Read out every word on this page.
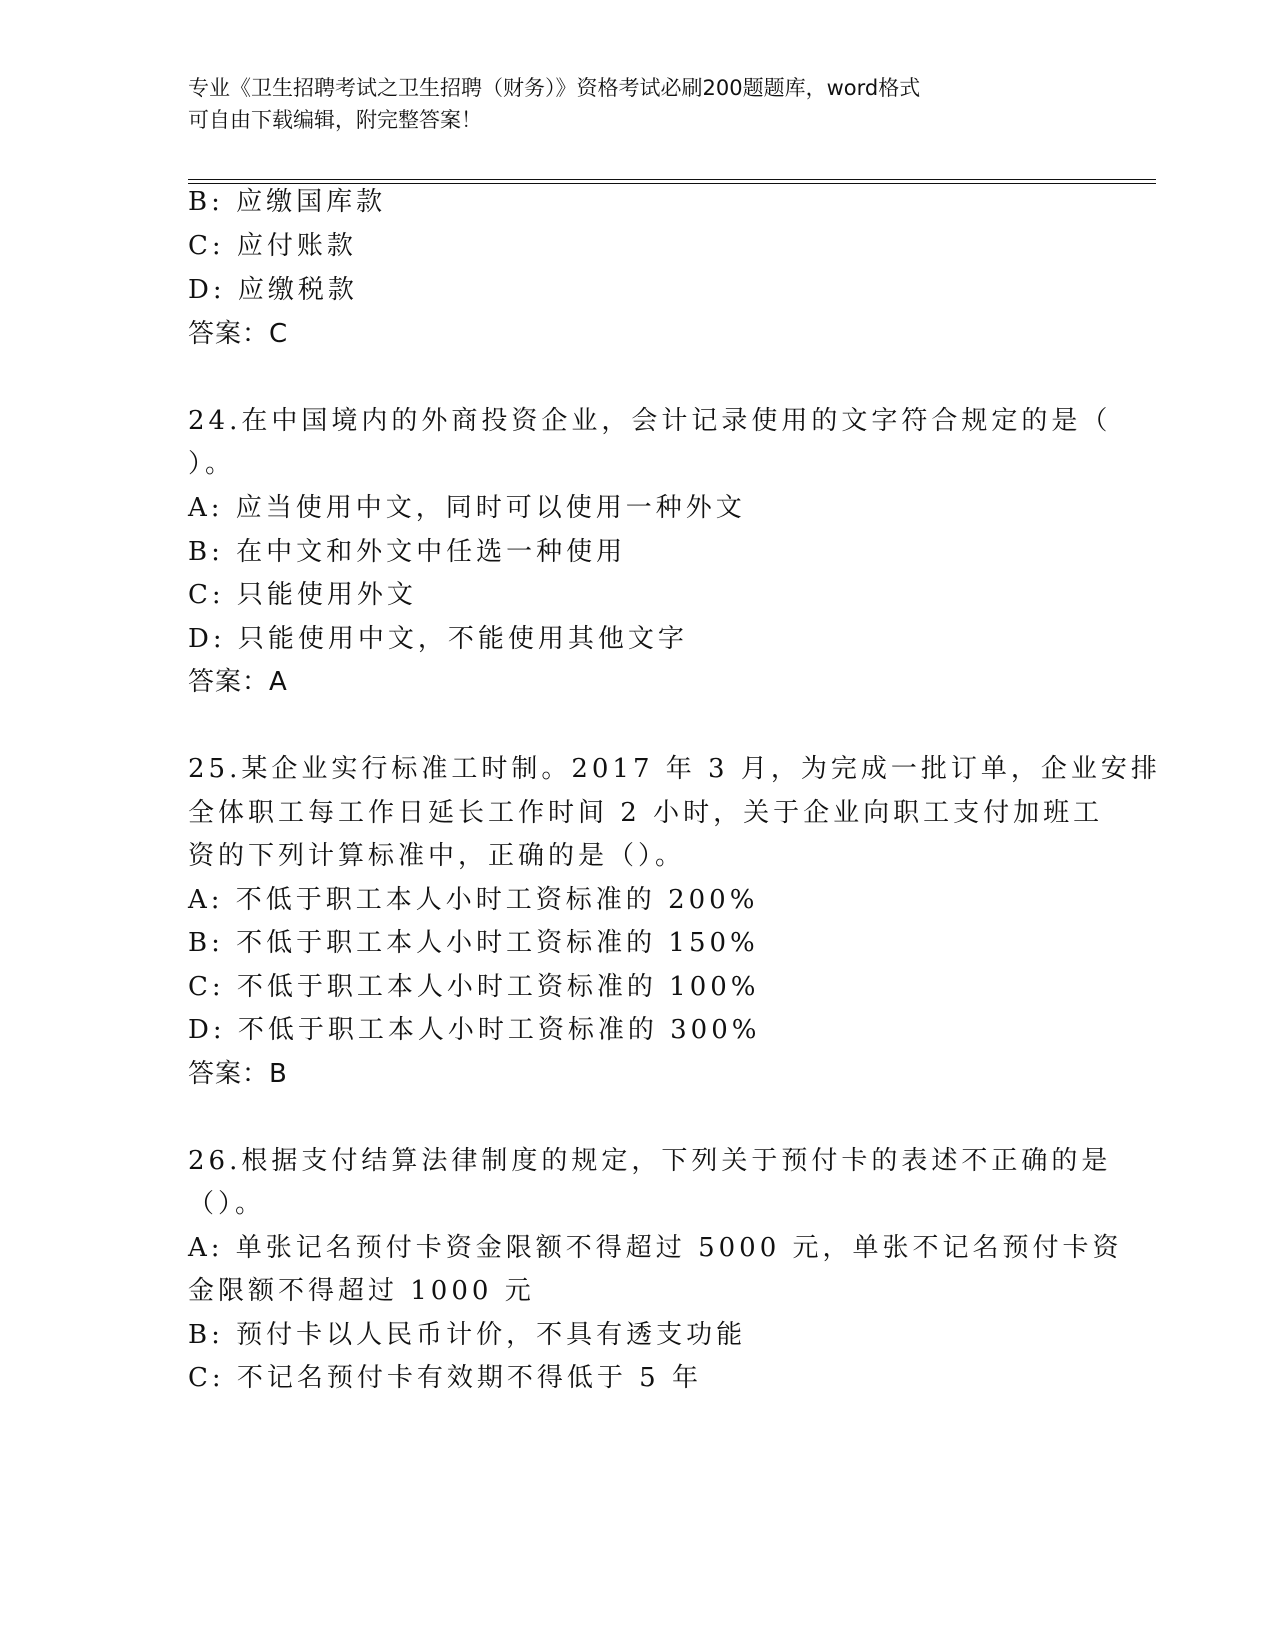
专业《卫生招聘考试之卫生招聘（财务）》资格考试必刷200题题库，word格式
可自由下载编辑，附完整答案！
B: 应缴国库款
C: 应付账款
D: 应缴税款
答案：C
24.在中国境内的外商投资企业，会计记录使用的文字符合规定的是（
）。
A: 应当使用中文，同时可以使用一种外文
B: 在中文和外文中任选一种使用
C: 只能使用外文
D: 只能使用中文，不能使用其他文字
答案：A
25.某企业实行标准工时制。2017 年 3 月，为完成一批订单，企业安排
全体职工每工作日延长工作时间 2 小时，关于企业向职工支付加班工
资的下列计算标准中，正确的是（）。
A: 不低于职工本人小时工资标准的 200%
B: 不低于职工本人小时工资标准的 150%
C: 不低于职工本人小时工资标准的 100%
D: 不低于职工本人小时工资标准的 300%
答案：B
26.根据支付结算法律制度的规定，下列关于预付卡的表述不正确的是
（）。
A: 单张记名预付卡资金限额不得超过 5000 元，单张不记名预付卡资
金限额不得超过 1000 元
B: 预付卡以人民币计价，不具有透支功能
C: 不记名预付卡有效期不得低于 5 年
